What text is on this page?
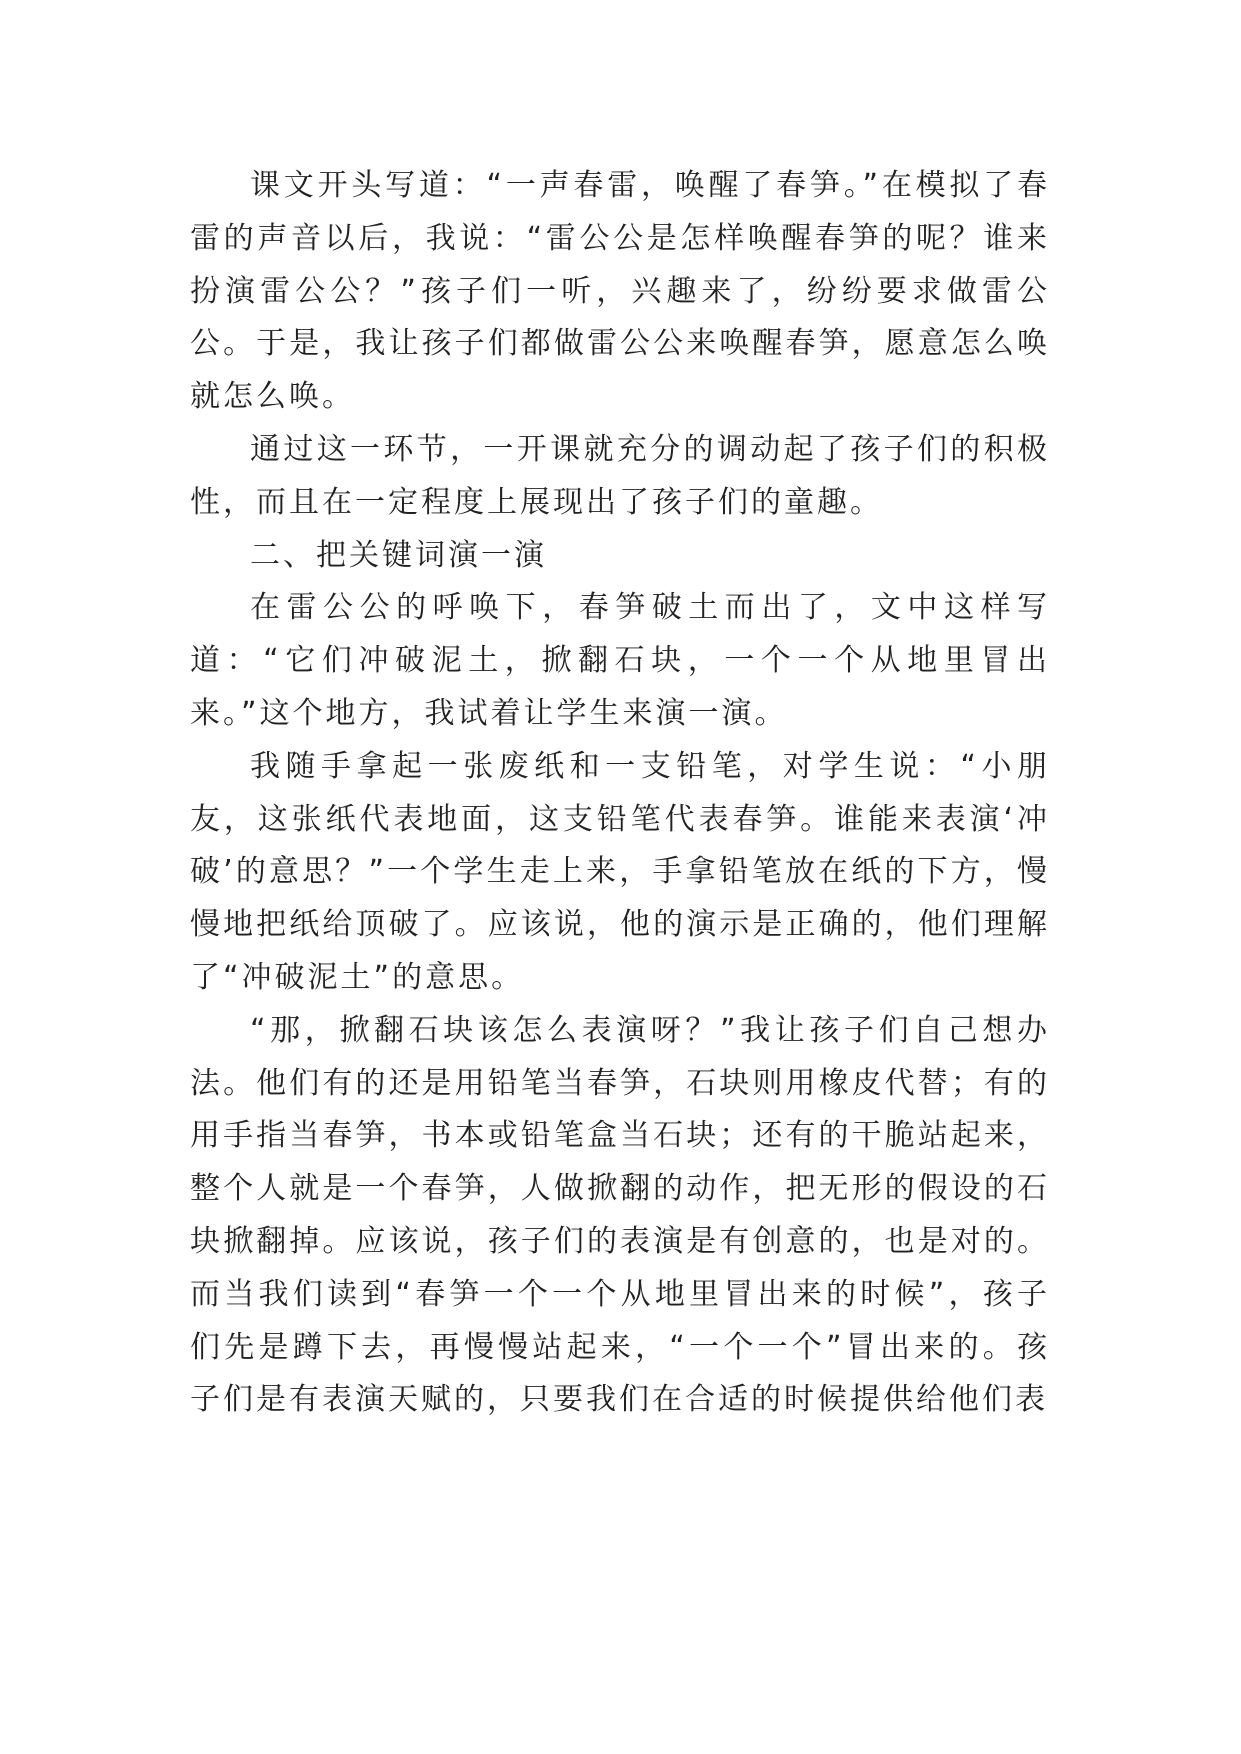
课文开头写道：“一声春雷，唤醒了春笋。”在模拟了春雷的声音以后，我说：“雷公公是怎样唤醒春笋的呢？谁来扮演雷公公？”孩子们一听，兴趣来了，纷纷要求做雷公公。于是，我让孩子们都做雷公公来唤醒春笋，愿意怎么唤就怎么唤。

通过这一环节，一开课就充分的调动起了孩子们的积极性，而且在一定程度上展现出了孩子们的童趣。

二、把关键词演一演

在雷公公的呼唤下，春笋破土而出了，文中这样写道：“它们冲破泥土，掀翻石块，一个一个从地里冒出来。”这个地方，我试着让学生来演一演。

我随手拿起一张废纸和一支铅笔，对学生说：“小朋友，这张纸代表地面，这支铅笔代表春笋。谁能来表演‘冲破’的意思？”一个学生走上来，手拿铅笔放在纸的下方，慢慢地把纸给顶破了。应该说，他的演示是正确的，他们理解了“冲破泥土”的意思。

“那，掀翻石块该怎么表演呀？”我让孩子们自己想办法。他们有的还是用铅笔当春笋，石块则用橡皮代替；有的用手指当春笋，书本或铅笔盒当石块；还有的干脆站起来，整个人就是一个春笋，人做掀翻的动作，把无形的假设的石块掀翻掉。应该说，孩子们的表演是有创意的，也是对的。而当我们读到“春笋一个一个从地里冒出来的时候”，孩子们先是蹲下去，再慢慢站起来，“一个一个”冒出来的。孩子们是有表演天赋的，只要我们在合适的时候提供给他们表
